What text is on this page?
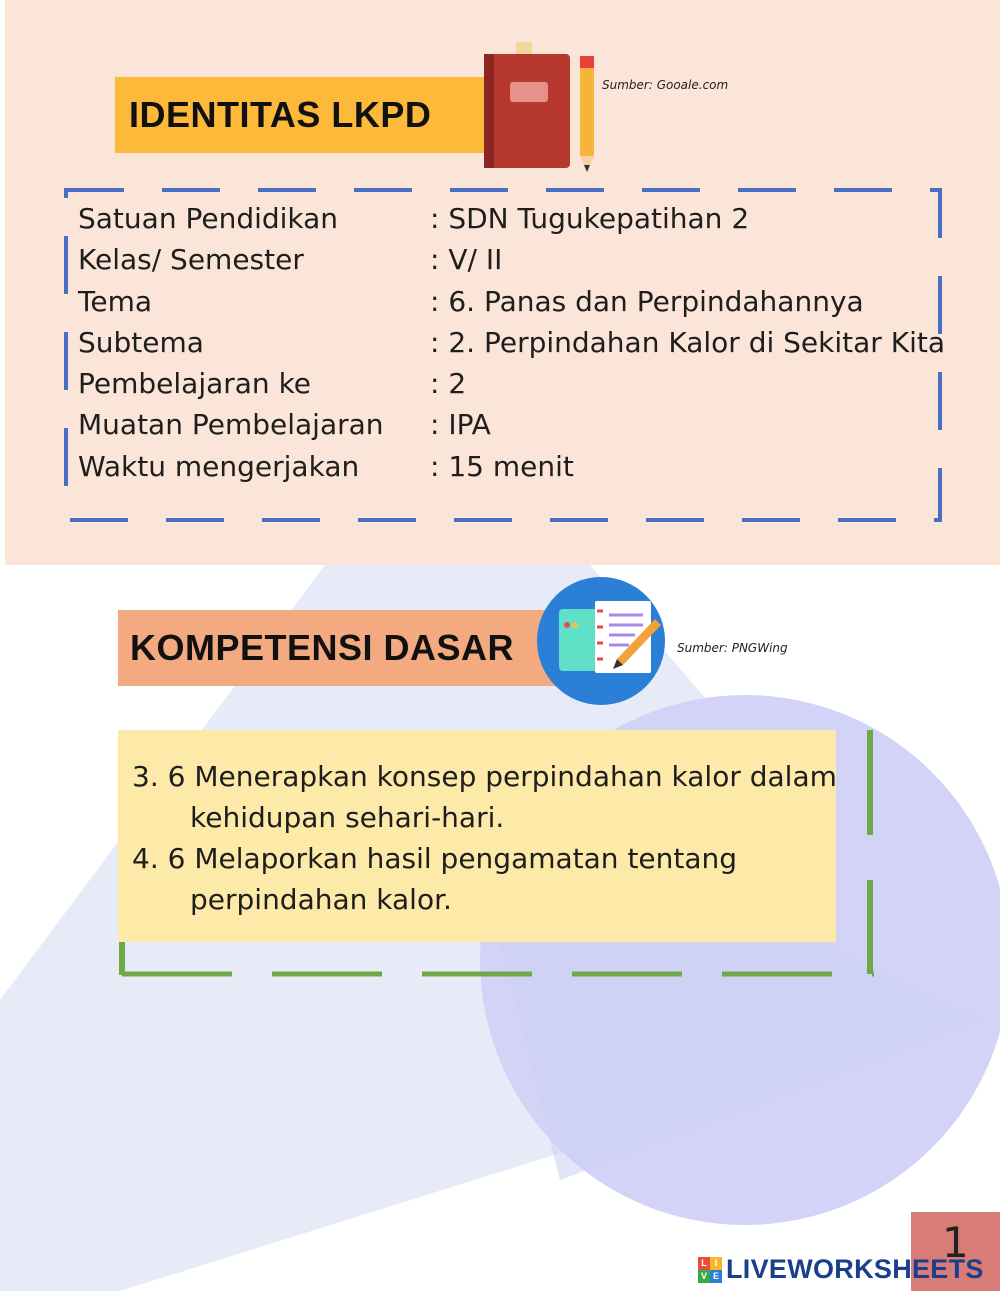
IDENTITAS LKPD
Sumber: Gooale.com
Satuan Pendidikan	: SDN Tugukepatihan 2
Kelas/ Semester	: V/ II
Tema	: 6. Panas dan Perpindahannya
Subtema	: 2. Perpindahan Kalor di Sekitar Kita
Pembelajaran ke	: 2
Muatan Pembelajaran : IPA
Waktu mengerjakan	: 15 menit
KOMPETENSI DASAR	Sumber: PNGWing
3. 6 Menerapkan konsep perpindahan kalor dalam
kehidupan sehari-hari.
4. 6 Melaporkan hasil pengamatan tentang
perpindahan kalor.
1
L I
V E LIVEWORKSHEETS
